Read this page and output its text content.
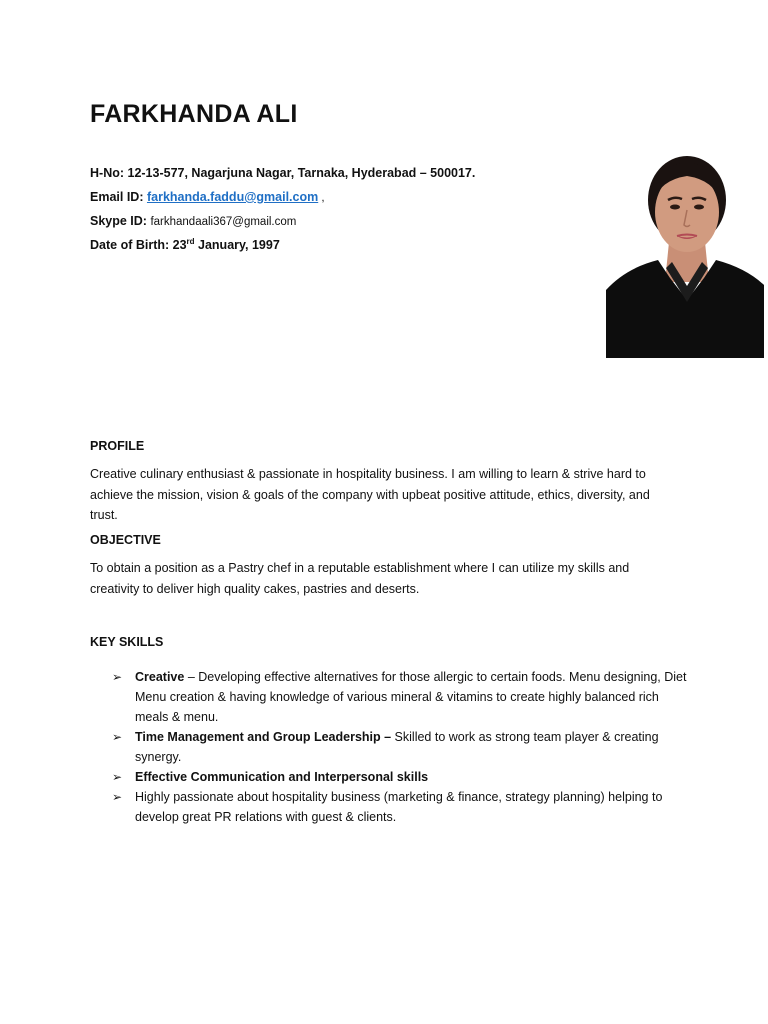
FARKHANDA ALI
H-No: 12-13-577, Nagarjuna Nagar, Tarnaka, Hyderabad – 500017.
Email ID: farkhanda.faddu@gmail.com ,
Skype ID: farkhandaali367@gmail.com
Date of Birth: 23rd January, 1997
PROFILE

Creative culinary enthusiast & passionate in hospitality business. I am willing to learn & strive hard to achieve the mission, vision & goals of the company with upbeat positive attitude, ethics, diversity, and trust.

OBJECTIVE

To obtain a position as a Pastry chef in a reputable establishment where I can utilize my skills and creativity to deliver high quality cakes, pastries and deserts.

KEY SKILLS
➢ Creative – Developing effective alternatives for those allergic to certain foods. Menu designing, Diet Menu creation & having knowledge of various mineral & vitamins to create highly balanced rich meals & menu.
➢ Time Management and Group Leadership – Skilled to work as strong team player & creating synergy.
➢ Effective Communication and Interpersonal skills
➢ Highly passionate about hospitality business (marketing & finance, strategy planning) helping to develop great PR relations with guest & clients.
